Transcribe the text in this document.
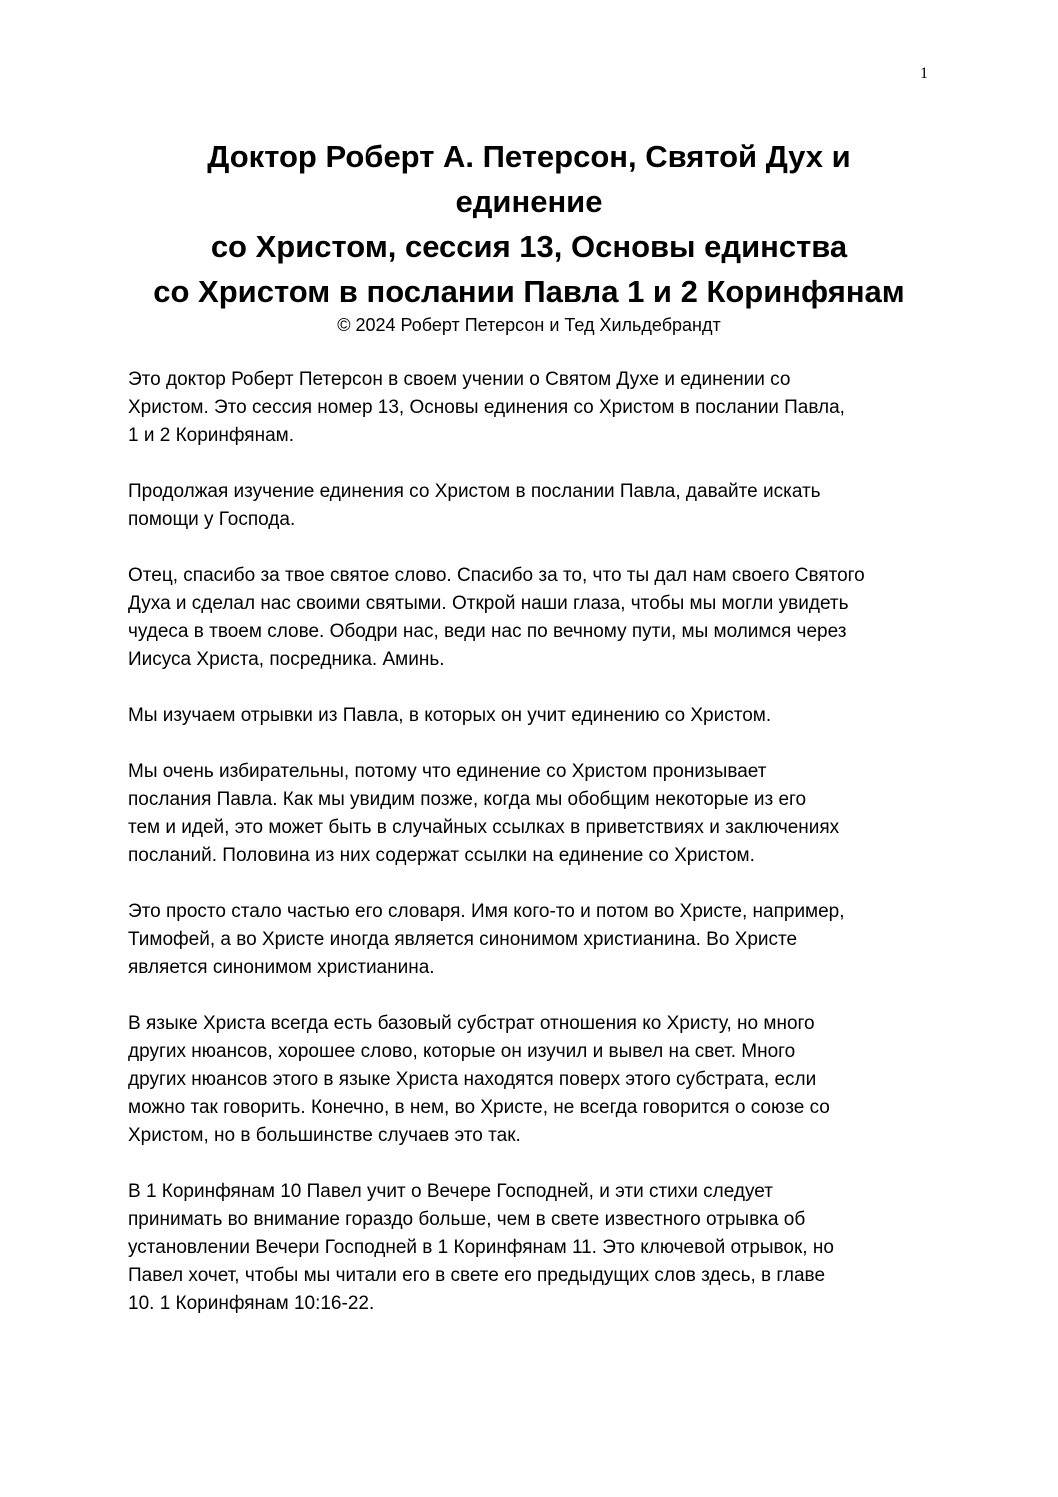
1
Доктор Роберт А. Петерсон, Святой Дух и
единение
со Христом, сессия 13, Основы единства
со Христом в послании Павла 1 и 2 Коринфянам
© 2024 Роберт Петерсон и Тед Хильдебрандт

Это доктор Роберт Петерсон в своем учении о Святом Духе и единении со
Христом. Это сессия номер 13, Основы единения со Христом в послании Павла,
1 и 2 Коринфянам.

Продолжая изучение единения со Христом в послании Павла, давайте искать
помощи у Господа.

Отец, спасибо за твое святое слово. Спасибо за то, что ты дал нам своего Святого
Духа и сделал нас своими святыми. Открой наши глаза, чтобы мы могли увидеть
чудеса в твоем слове. Ободри нас, веди нас по вечному пути, мы молимся через
Иисуса Христа, посредника. Аминь.

Мы изучаем отрывки из Павла, в которых он учит единению со Христом.

Мы очень избирательны, потому что единение со Христом пронизывает
послания Павла. Как мы увидим позже, когда мы обобщим некоторые из его
тем и идей, это может быть в случайных ссылках в приветствиях и заключениях
посланий. Половина из них содержат ссылки на единение со Христом.

Это просто стало частью его словаря. Имя кого-то и потом во Христе, например,
Тимофей, а во Христе иногда является синонимом христианина. Во Христе
является синонимом христианина.

В языке Христа всегда есть базовый субстрат отношения ко Христу, но много
других нюансов, хорошее слово, которые он изучил и вывел на свет. Много
других нюансов этого в языке Христа находятся поверх этого субстрата, если
можно так говорить. Конечно, в нем, во Христе, не всегда говорится о союзе со
Христом, но в большинстве случаев это так.

В 1 Коринфянам 10 Павел учит о Вечере Господней, и эти стихи следует
принимать во внимание гораздо больше, чем в свете известного отрывка об
установлении Вечери Господней в 1 Коринфянам 11. Это ключевой отрывок, но
Павел хочет, чтобы мы читали его в свете его предыдущих слов здесь, в главе
10. 1 Коринфянам 10:16-22.
